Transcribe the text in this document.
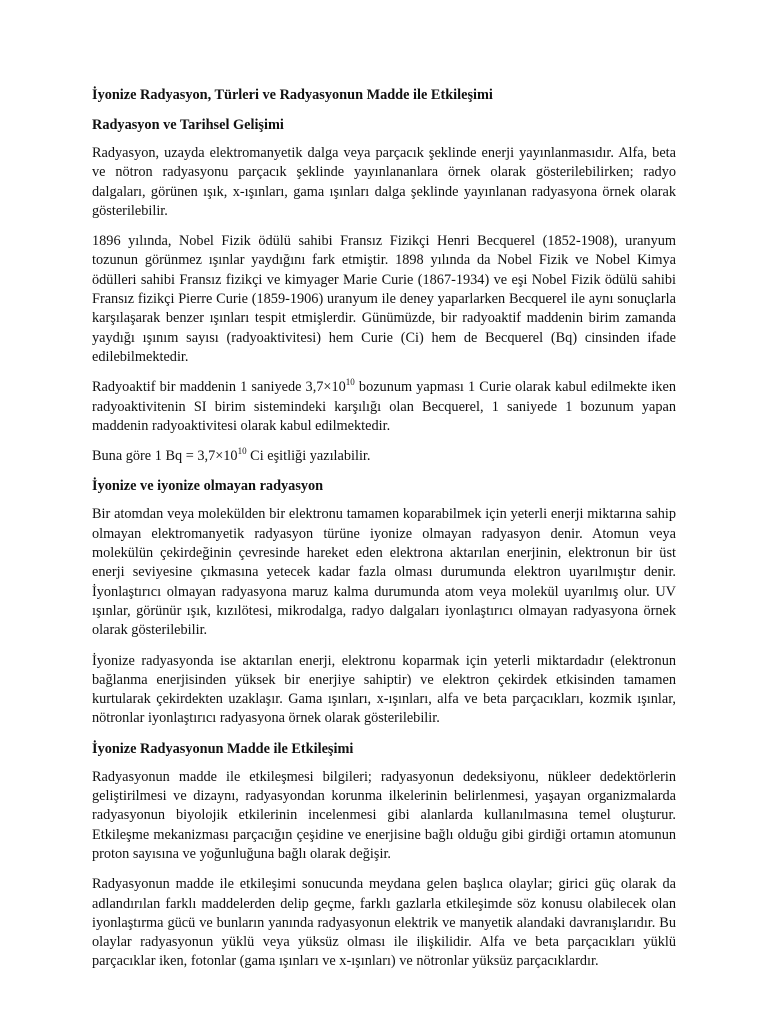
İyonize Radyasyon, Türleri ve Radyasyonun Madde ile Etkileşimi
Radyasyon ve Tarihsel Gelişimi

Radyasyon, uzayda elektromanyetik dalga veya parçacık şeklinde enerji yayınlanmasıdır. Alfa, beta ve nötron radyasyonu parçacık şeklinde yayınlananlara örnek olarak gösterilebilirken; radyo dalgaları, görünen ışık, x-ışınları, gama ışınları dalga şeklinde yayınlanan radyasyona örnek olarak gösterilebilir.

1896 yılında, Nobel Fizik ödülü sahibi Fransız Fizikçi Henri Becquerel (1852-1908), uranyum tozunun görünmez ışınlar yaydığını fark etmiştir. 1898 yılında da Nobel Fizik ve Nobel Kimya ödülleri sahibi Fransız fizikçi ve kimyager Marie Curie (1867-1934) ve eşi Nobel Fizik ödülü sahibi Fransız fizikçi Pierre Curie (1859-1906) uranyum ile deney yaparlarken Becquerel ile aynı sonuçlarla karşılaşarak benzer ışınları tespit etmişlerdir. Günümüzde, bir radyoaktif maddenin birim zamanda yaydığı ışınım sayısı (radyoaktivitesi) hem Curie (Ci) hem de Becquerel (Bq) cinsinden ifade edilebilmektedir.

Radyoaktif bir maddenin 1 saniyede $3,7\times 10^{10}$ bozunum yapması 1 Curie olarak kabul edilmekte iken radyoaktivitenin SI birim sistemindeki karşılığı olan Becquerel, 1 saniyede 1 bozunum yapan maddenin radyoaktivitesi olarak kabul edilmektedir.

Buna göre 1 $Bq = 3,7\times 10^{10}$ Ci eşitliği yazılabilir.

İyonize ve iyonize olmayan radyasyon

Bir atomdan veya molekülden bir elektronu tamamen koparabilmek için yeterli enerji miktarına sahip olmayan elektromanyetik radyasyon türüne iyonize olmayan radyasyon denir. Atomun veya molekülün çekirdeğinin çevresinde hareket eden elektrona aktarılan enerjinin, elektronun bir üst enerji seviyesine çıkmasına yetecek kadar fazla olması durumunda elektron uyarılmıştır denir. İyonlaştırıcı olmayan radyasyona maruz kalma durumunda atom veya molekül uyarılmış olur. UV ışınlar, görünür ışık, kızılötesi, mikrodalga, radyo dalgaları iyonlaştırıcı olmayan radyasyona örnek olarak gösterilebilir.

İyonize radyasyonda ise aktarılan enerji, elektronu koparmak için yeterli miktardadır (elektronun bağlanma enerjisinden yüksek bir enerjiye sahiptir) ve elektron çekirdek etkisinden tamamen kurtularak çekirdekten uzaklaşır. Gama ışınları, x-ışınları, alfa ve beta parçacıkları, kozmik ışınlar, nötronlar iyonlaştırıcı radyasyona örnek olarak gösterilebilir.

İyonize Radyasyonun Madde ile Etkileşimi

Radyasyonun madde ile etkileşmesi bilgileri; radyasyonun dedeksiyonu, nükleer dedektörlerin geliştirilmesi ve dizaynı, radyasyondan korunma ilkelerinin belirlenmesi, yaşayan organizmalarda radyasyonun biyolojik etkilerinin incelenmesi gibi alanlarda kullanılmasına temel oluşturur. Etkileşme mekanizması parçacığın çeşidine ve enerjisine bağlı olduğu gibi girdiği ortamın atomunun proton sayısına ve yoğunluğuna bağlı olarak değişir.

Radyasyonun madde ile etkileşimi sonucunda meydana gelen başlıca olaylar; girici güç olarak da adlandırılan farklı maddelerden delip geçme, farklı gazlarla etkileşimde söz konusu olabilecek olan iyonlaştırma gücü ve bunların yanında radyasyonun elektrik ve manyetik alandaki davranışlarıdır. Bu olaylar radyasyonun yüklü veya yüksüz olması ile ilişkilidir. Alfa ve beta parçacıkları yüklü parçacıklar iken, fotonlar (gama ışınları ve x-ışınları) ve nötronlar yüksüz parçacıklardır.
